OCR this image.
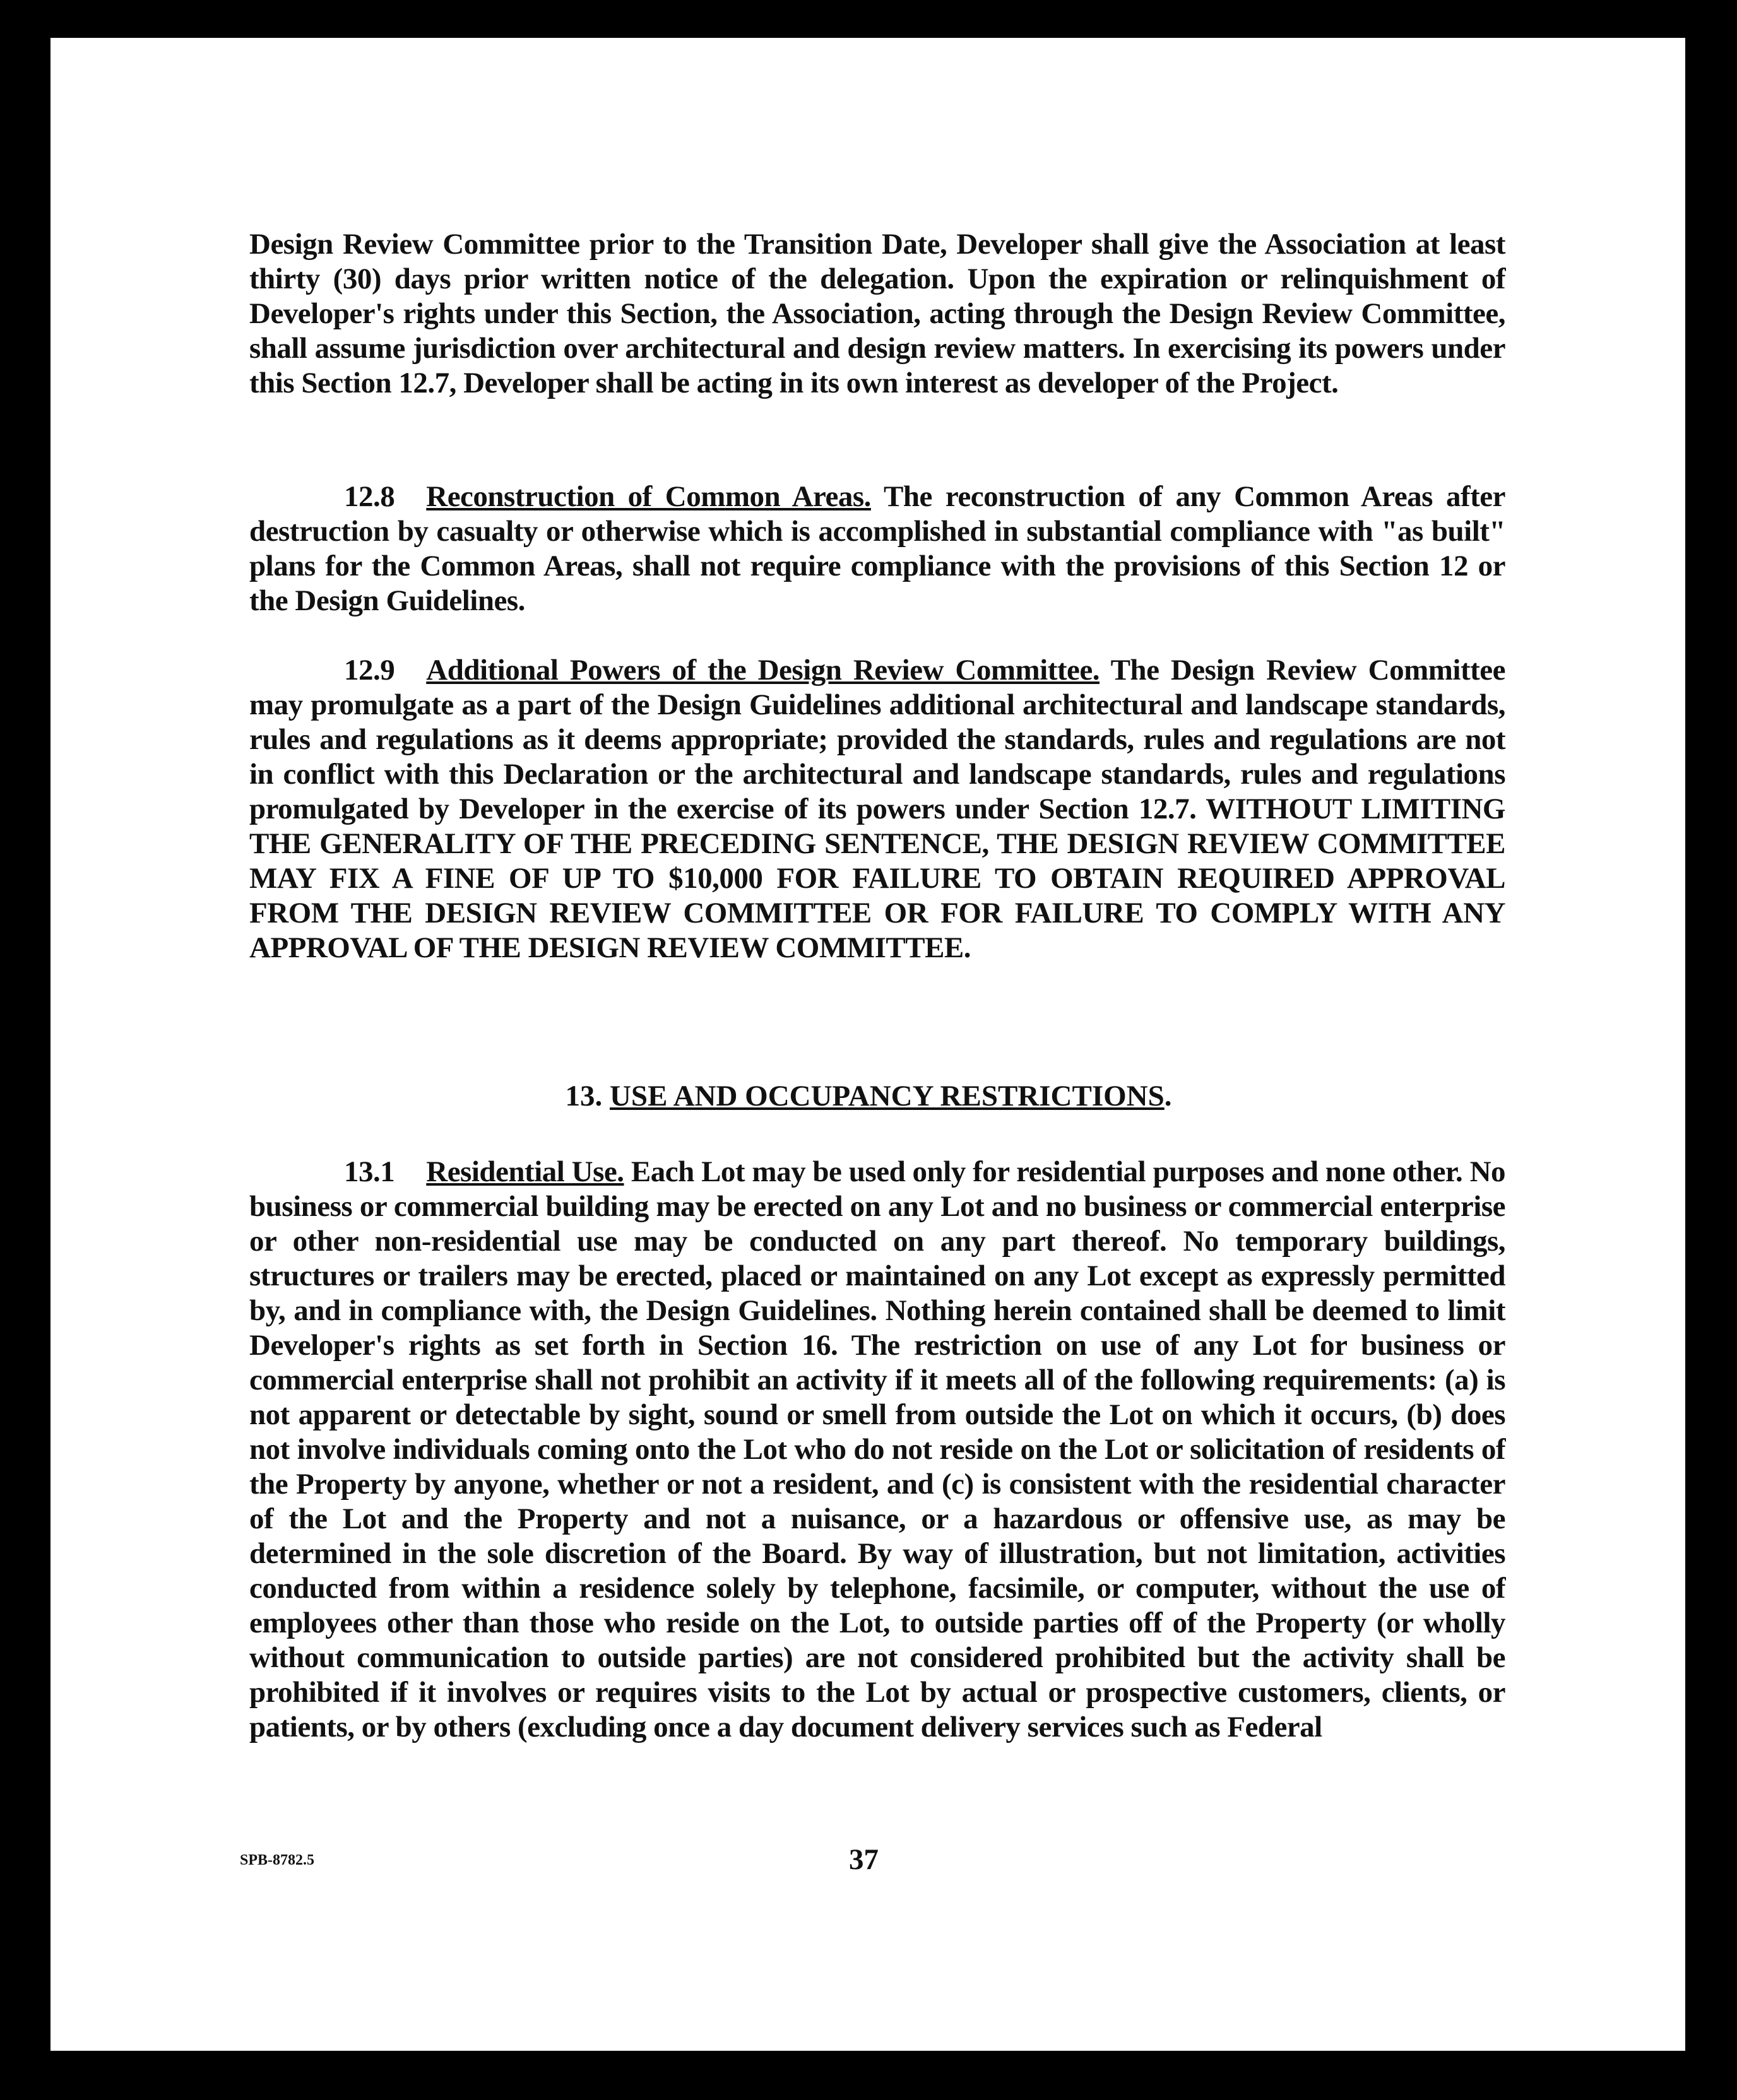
Design Review Committee prior to the Transition Date, Developer shall give the Association at least thirty (30) days prior written notice of the delegation. Upon the expiration or relinquishment of Developer's rights under this Section, the Association, acting through the Design Review Committee, shall assume jurisdiction over architectural and design review matters. In exercising its powers under this Section 12.7, Developer shall be acting in its own interest as developer of the Project.

12.8 Reconstruction of Common Areas. The reconstruction of any Common Areas after destruction by casualty or otherwise which is accomplished in substantial compliance with "as built" plans for the Common Areas, shall not require compliance with the provisions of this Section 12 or the Design Guidelines.

12.9 Additional Powers of the Design Review Committee. The Design Review Committee may promulgate as a part of the Design Guidelines additional architectural and landscape standards, rules and regulations as it deems appropriate; provided the standards, rules and regulations are not in conflict with this Declaration or the architectural and landscape standards, rules and regulations promulgated by Developer in the exercise of its powers under Section 12.7. WITHOUT LIMITING THE GENERALITY OF THE PRECEDING SENTENCE, THE DESIGN REVIEW COMMITTEE MAY FIX A FINE OF UP TO $10,000 FOR FAILURE TO OBTAIN REQUIRED APPROVAL FROM THE DESIGN REVIEW COMMITTEE OR FOR FAILURE TO COMPLY WITH ANY APPROVAL OF THE DESIGN REVIEW COMMITTEE.

13. USE AND OCCUPANCY RESTRICTIONS.

13.1 Residential Use. Each Lot may be used only for residential purposes and none other. No business or commercial building may be erected on any Lot and no business or commercial enterprise or other non-residential use may be conducted on any part thereof. No temporary buildings, structures or trailers may be erected, placed or maintained on any Lot except as expressly permitted by, and in compliance with, the Design Guidelines. Nothing herein contained shall be deemed to limit Developer's rights as set forth in Section 16. The restriction on use of any Lot for business or commercial enterprise shall not prohibit an activity if it meets all of the following requirements: (a) is not apparent or detectable by sight, sound or smell from outside the Lot on which it occurs, (b) does not involve individuals coming onto the Lot who do not reside on the Lot or solicitation of residents of the Property by anyone, whether or not a resident, and (c) is consistent with the residential character of the Lot and the Property and not a nuisance, or a hazardous or offensive use, as may be determined in the sole discretion of the Board. By way of illustration, but not limitation, activities conducted from within a residence solely by telephone, facsimile, or computer, without the use of employees other than those who reside on the Lot, to outside parties off of the Property (or wholly without communication to outside parties) are not considered prohibited but the activity shall be prohibited if it involves or requires visits to the Lot by actual or prospective customers, clients, or patients, or by others (excluding once a day document delivery services such as Federal

SPB-8782.5	37
